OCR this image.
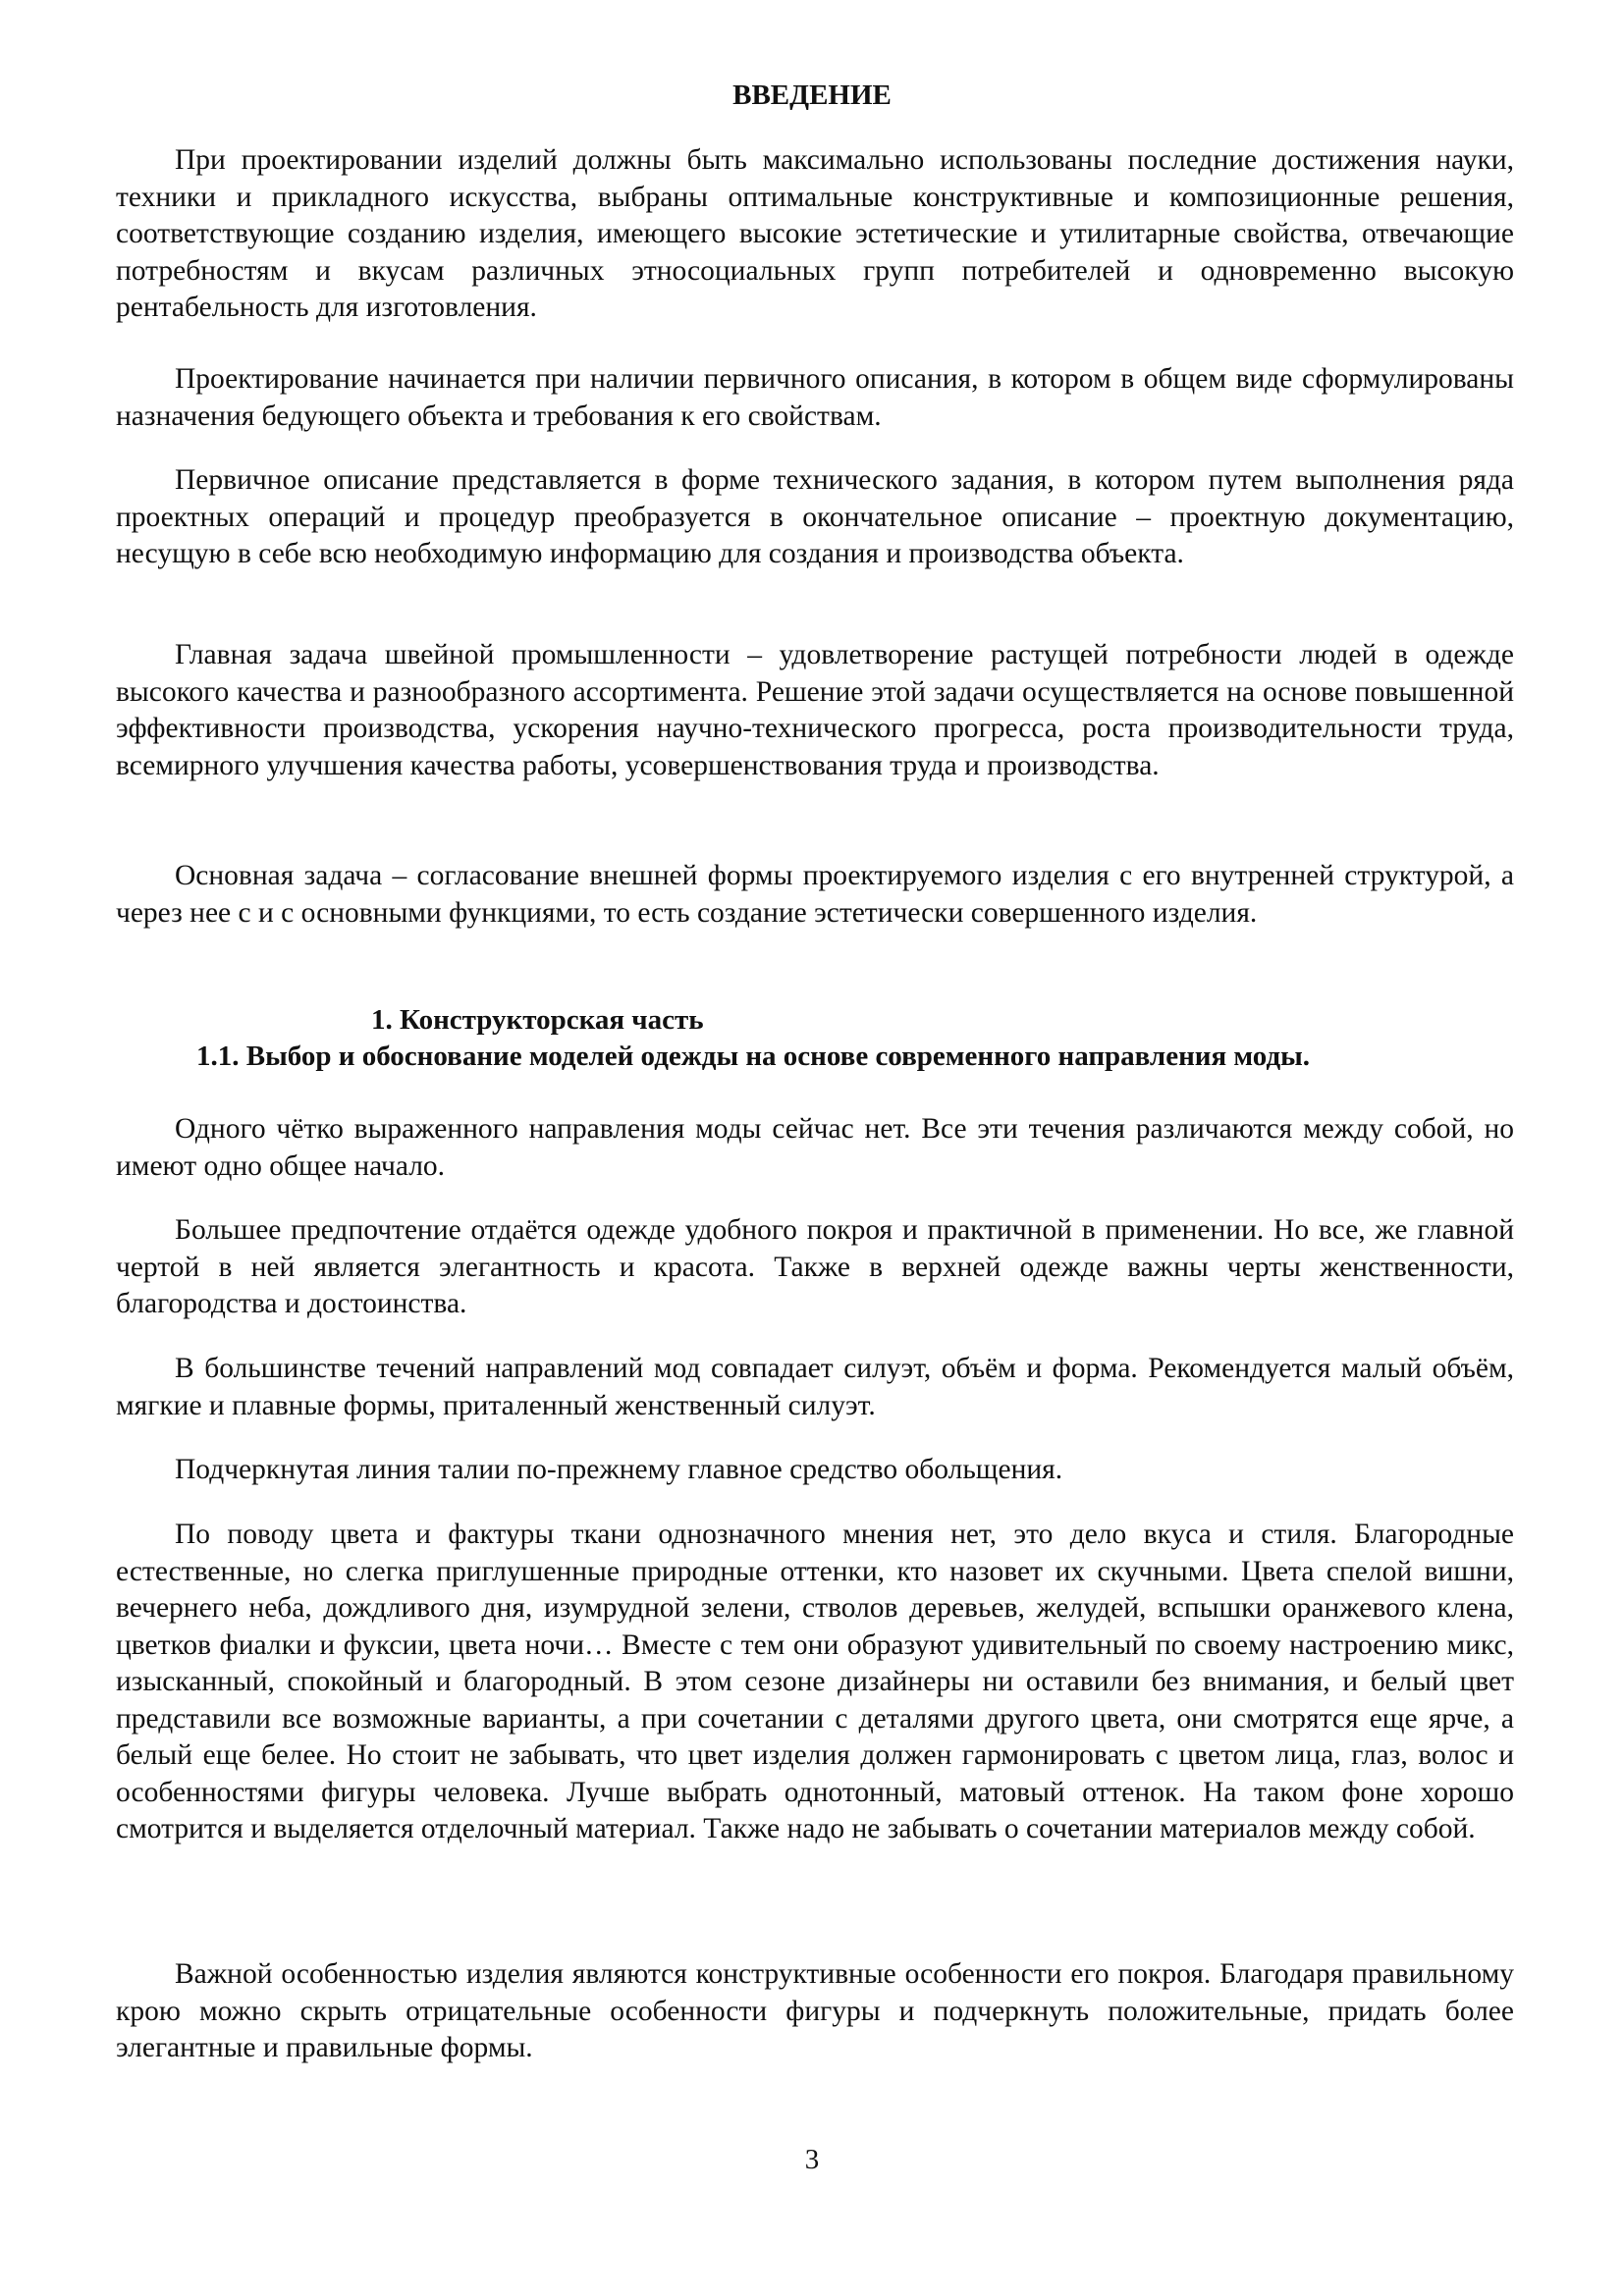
ВВЕДЕНИЕ

При проектировании изделий должны быть максимально использованы последние достижения науки, техники и прикладного искусства, выбраны оптимальные конструктивные и композиционные решения, соответствующие созданию изделия, имеющего высокие эстетические и утилитарные свойства, отвечающие потребностям и вкусам различных этносоциальных групп потребителей и одновременно высокую рентабельность для изготовления.

Проектирование начинается при наличии первичного описания, в котором в общем виде сформулированы назначения бедующего объекта и требования к его свойствам.

Первичное описание представляется в форме технического задания, в котором путем выполнения ряда проектных операций и процедур преобразуется в окончательное описание – проектную документацию, несущую в себе всю необходимую информацию для создания и производства объекта.

Главная задача швейной промышленности – удовлетворение растущей потребности людей в одежде высокого качества и разнообразного ассортимента. Решение этой задачи осуществляется на основе повышенной эффективности производства, ускорения научно-технического прогресса, роста производительности труда, всемирного улучшения качества работы, усовершенствования труда и производства.

Основная задача – согласование внешней формы проектируемого изделия с его внутренней структурой, а через нее с и с основными функциями, то есть создание эстетически совершенного изделия.

1. Конструкторская часть
1.1. Выбор и обоснование моделей одежды на основе современного направления моды.

Одного чётко выраженного направления моды сейчас нет. Все эти течения различаются между собой, но имеют одно общее начало.

Большее предпочтение отдаётся одежде удобного покроя и практичной в применении. Но все, же главной чертой в ней является элегантность и красота. Также в верхней одежде важны черты женственности, благородства и достоинства.

В большинстве течений направлений мод совпадает силуэт, объём и форма. Рекомендуется малый объём, мягкие и плавные формы, приталенный женственный силуэт.

Подчеркнутая линия талии по-прежнему главное средство обольщения.

По поводу цвета и фактуры ткани однозначного мнения нет, это дело вкуса и стиля. Благородные естественные, но слегка приглушенные природные оттенки, кто назовет их скучными. Цвета спелой вишни, вечернего неба, дождливого дня, изумрудной зелени, стволов деревьев, желудей, вспышки оранжевого клена, цветков фиалки и фуксии, цвета ночи… Вместе с тем они образуют удивительный по своему настроению микс, изысканный, спокойный и благородный. В этом сезоне дизайнеры ни оставили без внимания, и белый цвет представили все возможные варианты, а при сочетании с деталями другого цвета, они смотрятся еще ярче, а белый еще белее. Но стоит не забывать, что цвет изделия должен гармонировать с цветом лица, глаз, волос и особенностями фигуры человека. Лучше выбрать однотонный, матовый оттенок. На таком фоне хорошо смотрится и выделяется отделочный материал. Также надо не забывать о сочетании материалов между собой.

Важной особенностью изделия являются конструктивные особенности его покроя. Благодаря правильному крою можно скрыть отрицательные особенности фигуры и подчеркнуть положительные, придать более элегантные и правильные формы.

3
